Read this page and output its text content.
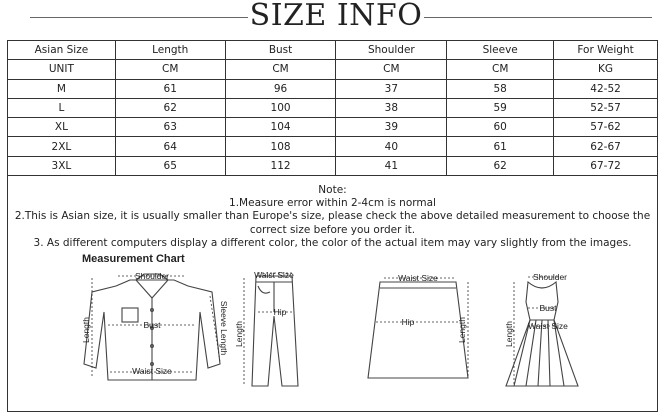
SIZE INFO
Asian Size	Length	Bust	Shoulder	Sleeve	For Weight
UNIT	CM	CM	CM	CM	KG
M	61	96	37	58	42-52
L	62	100	38	59	52-57
XL	63	104	39	60	57-62
2XL	64	108	40	61	62-67
3XL	65	112	41	62	67-72
Note:
1.Measure error within 2-4cm is normal
2.This is Asian size, it is usually smaller than Europe's size, please check the above detailed measurement to choose the correct size before you order it.
3. As different computers display a different color, the color of the actual item may vary slightly from the images.
Measurement Chart
Shoulder
Bust
Waist Size
Length	Sleeve Length
Waist Size
Hip
Length
Waist Size
Hip	Length
Shoulder
Bust
Waist Size
Length
